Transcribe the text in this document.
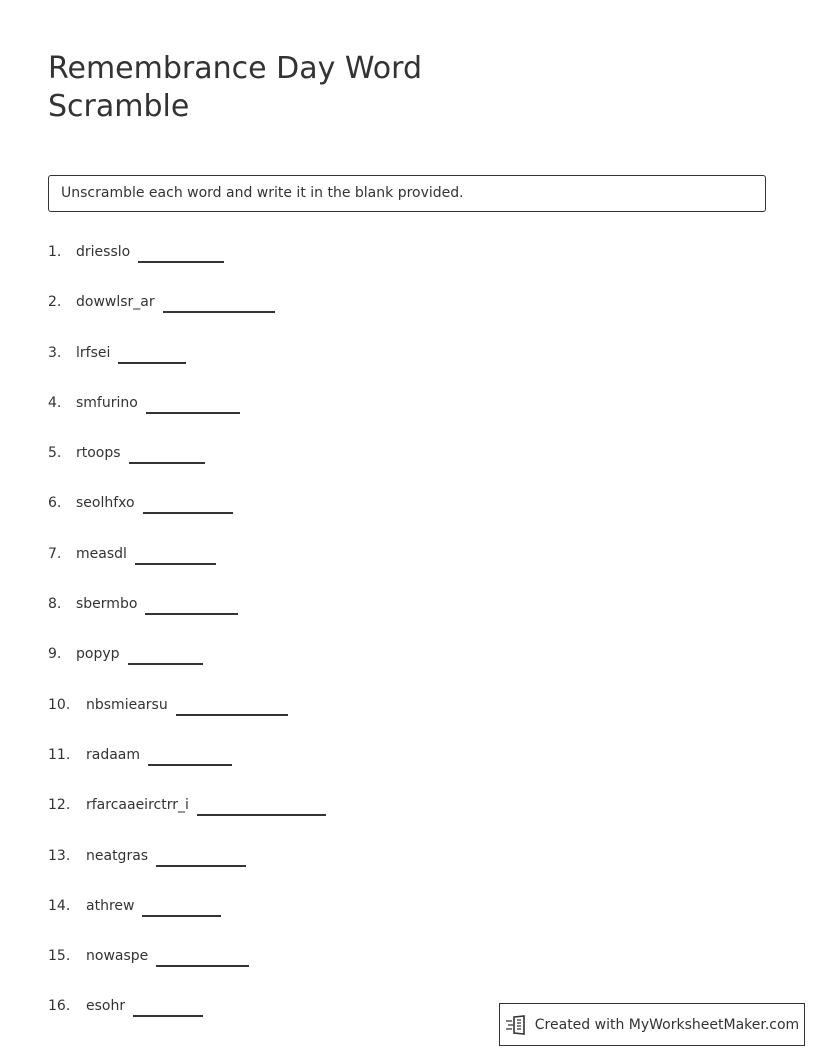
Remembrance Day Word Scramble
Unscramble each word and write it in the blank provided.
1.	driesslo
2.	dowwlsr_ar
3.	lrfsei
4.	smfurino
5.	rtoops
6.	seolhfxo
7.	measdl
8.	sbermbo
9.	popyp
10.	nbsmiearsu
11.	radaam
12.	rfarcaaeirctrr_i
13.	neatgras
14.	athrew
15.	nowaspe
16.	esohr
Created with MyWorksheetMaker.com
